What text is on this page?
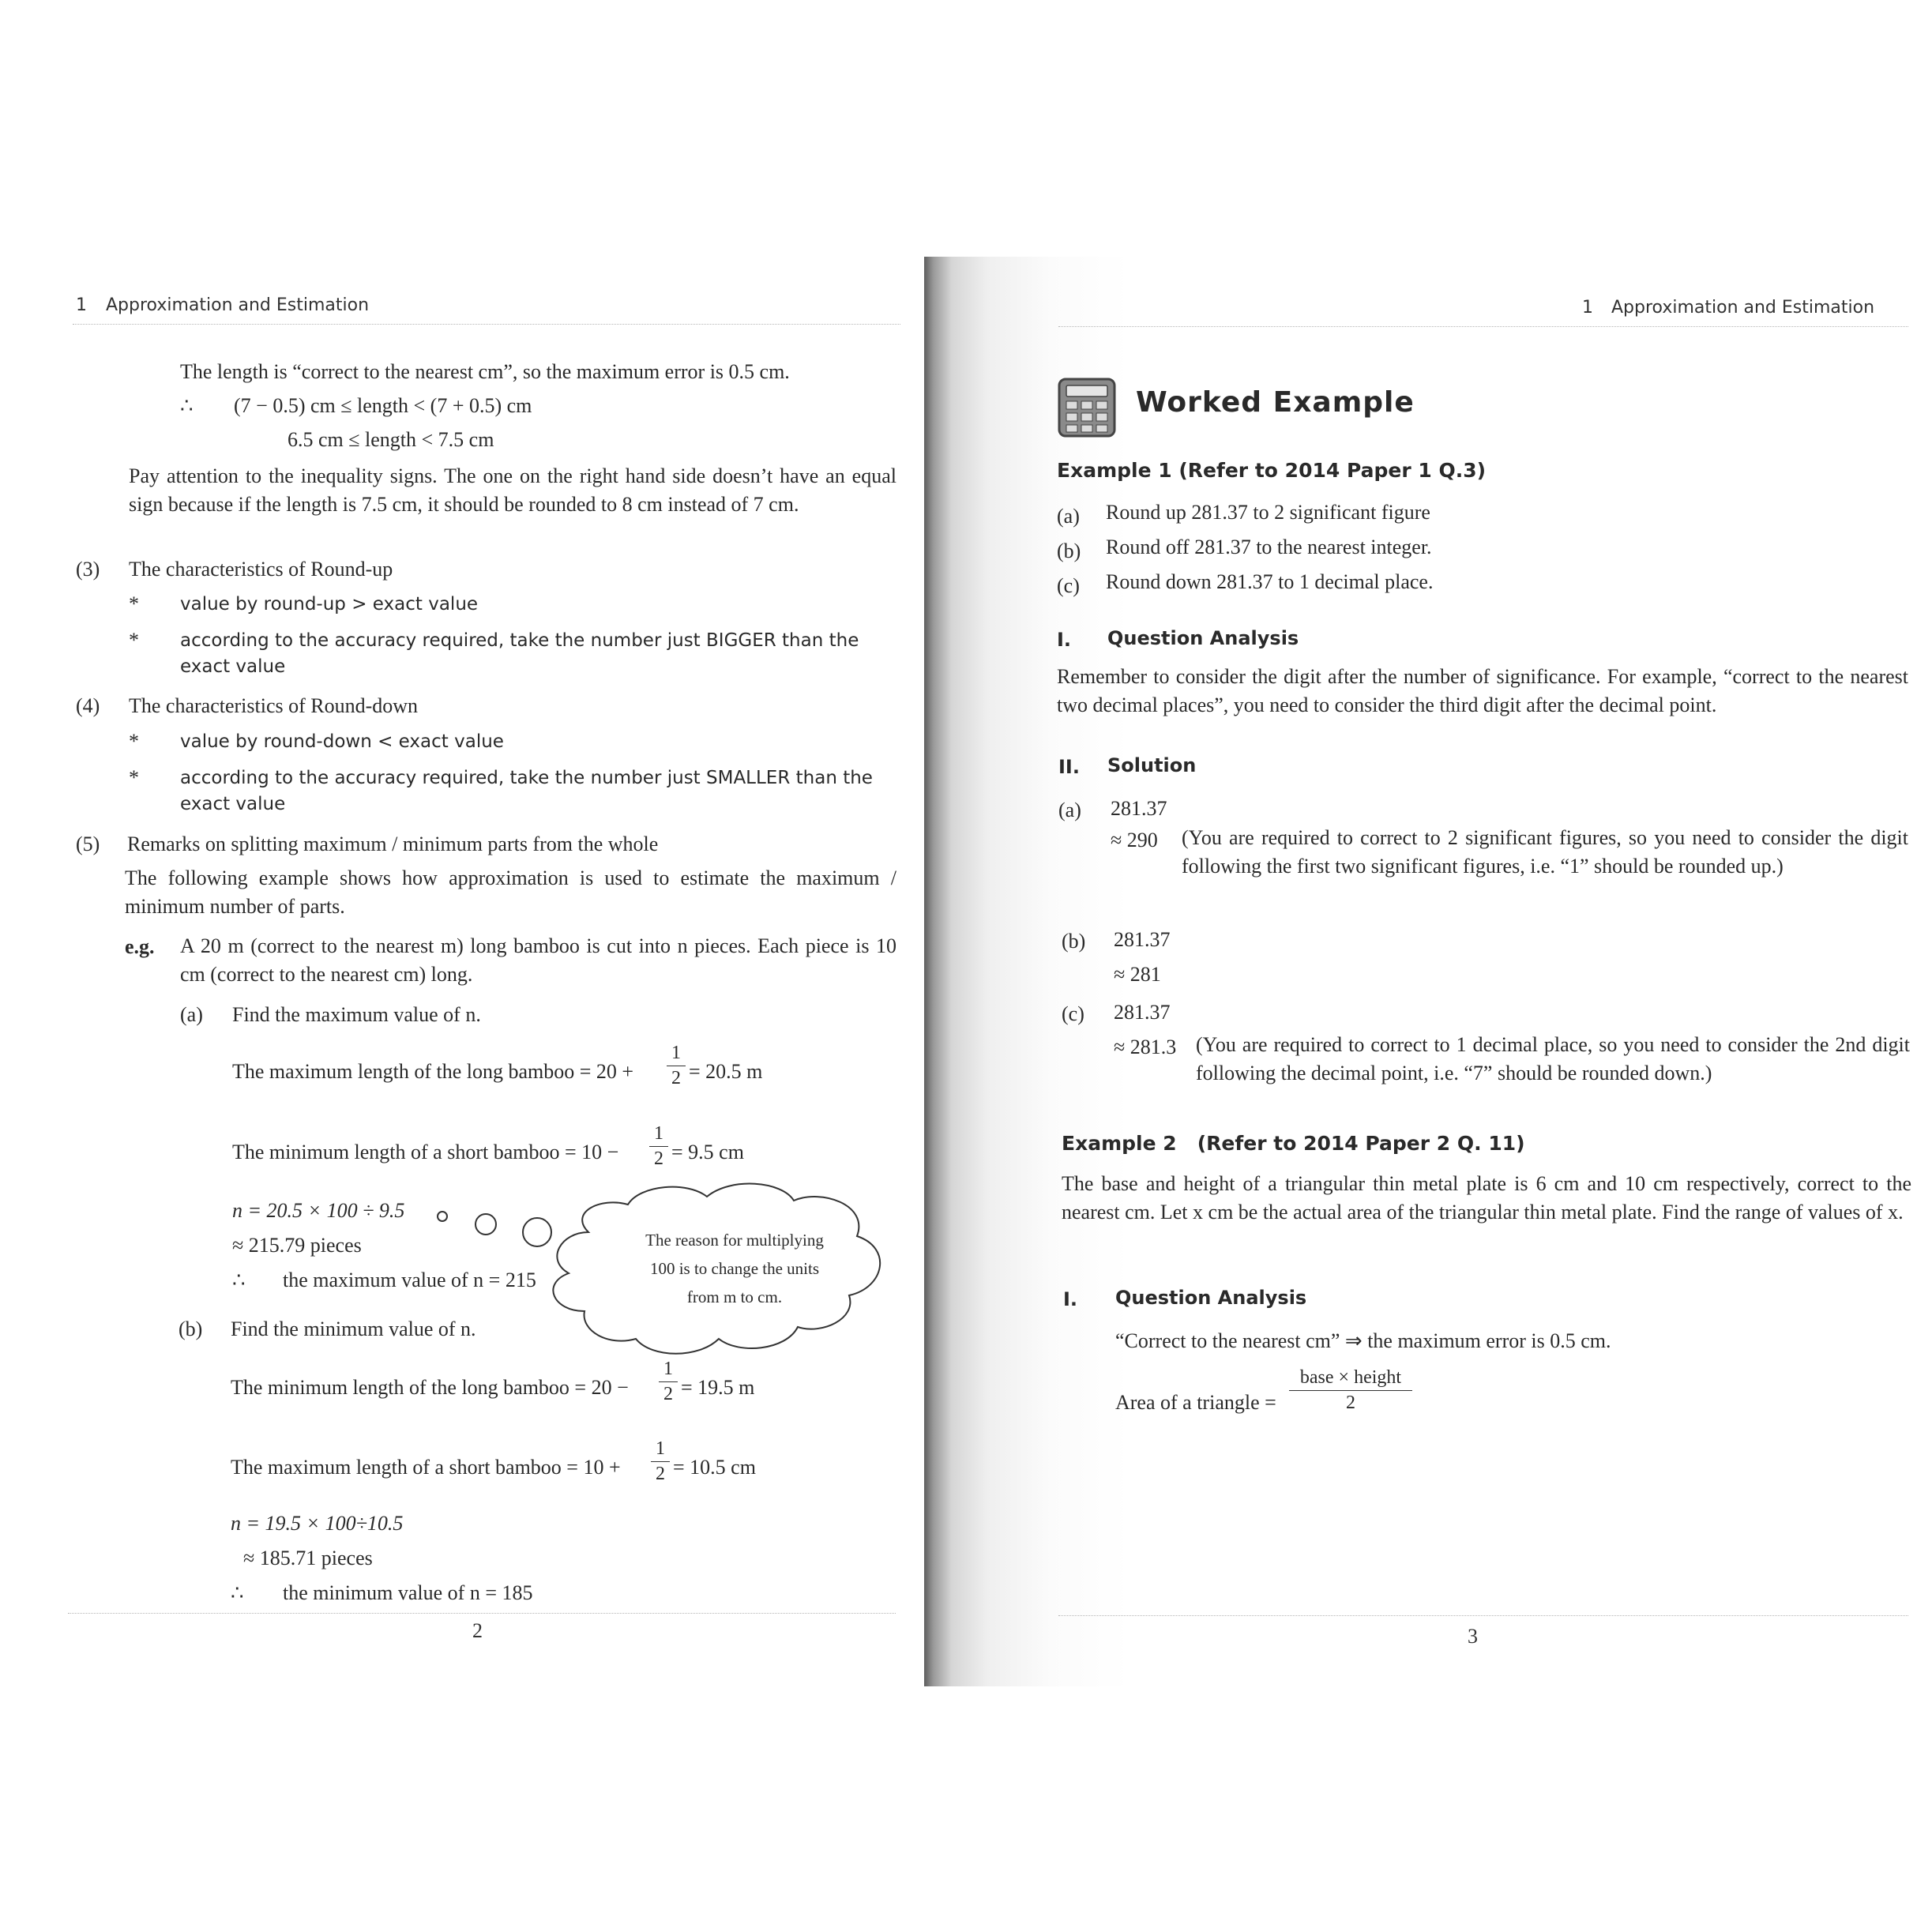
1 Approximation and Estimation
The length is “correct to the nearest cm”, so the maximum error is 0.5 cm.
∴ (7 − 0.5) cm ≤ length < (7 + 0.5) cm
6.5 cm ≤ length < 7.5 cm
Pay attention to the inequality signs. The one on the right hand side doesn’t have an equal sign because if the length is 7.5 cm, it should be rounded to 8 cm instead of 7 cm.
(3) The characteristics of Round-up
* value by round-up > exact value
* according to the accuracy required, take the number just BIGGER than the
exact value
(4) The characteristics of Round-down
* value by round-down < exact value
* according to the accuracy required, take the number just SMALLER than the
exact value
(5) Remarks on splitting maximum / minimum parts from the whole
The following example shows how approximation is used to estimate the maximum / minimum number of parts.
e.g. A 20 m (correct to the nearest m) long bamboo is cut into n pieces. Each piece is 10 cm (correct to the nearest cm) long.
(a) Find the maximum value of n.
The maximum length of the long bamboo = 20 +
1
2 = 20.5 m
The minimum length of a short bamboo = 10 −
1
2 = 9.5 cm
n = 20.5 × 100 ÷ 9.5
≈ 215.79 pieces
∴ the maximum value of n = 215
The reason for multiplying
100 is to change the units
from m to cm.
(b) Find the minimum value of n.
The minimum length of the long bamboo = 20 −
1
2 = 19.5 m
The maximum length of a short bamboo = 10 +
1
2 = 10.5 cm
n = 19.5 × 100÷10.5
≈ 185.71 pieces
∴ the minimum value of n = 185
2
1 Approximation and Estimation
Worked Example
Example 1 (Refer to 2014 Paper 1 Q.3)
(a) Round up 281.37 to 2 significant figure
(b) Round off 281.37 to the nearest integer.
(c) Round down 281.37 to 1 decimal place.
I. Question Analysis
Remember to consider the digit after the number of significance. For example, “correct to the nearest two decimal places”, you need to consider the third digit after the decimal point.
II. Solution
(a) 281.37
≈ 290 (You are required to correct to 2 significant figures, so you need to consider the digit following the first two significant figures, i.e. “1” should be rounded up.)
(b) 281.37
≈ 281
(c) 281.37
≈ 281.3 (You are required to correct to 1 decimal place, so you need to consider the 2nd digit following the decimal point, i.e. “7” should be rounded down.)
Example 2   (Refer to 2014 Paper 2 Q. 11)
The base and height of a triangular thin metal plate is 6 cm and 10 cm respectively, correct to the nearest cm. Let x cm be the actual area of the triangular thin metal plate. Find the range of values of x.
I. Question Analysis
“Correct to the nearest cm” ⇒ the maximum error is 0.5 cm.
Area of a triangle =
base × height
2
3
